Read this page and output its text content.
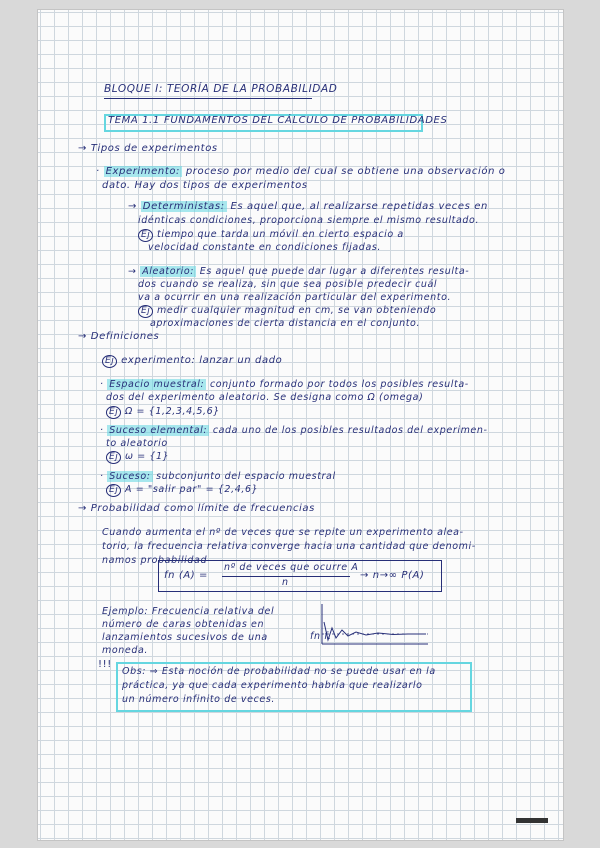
BLOQUE I: TEORÍA DE LA PROBABILIDAD
TEMA 1.1 FUNDAMENTOS DEL CÁLCULO DE PROBABILIDADES
→ Tipos de experimentos
· Experimento: proceso por medio del cual se obtiene una observación o
dato. Hay dos tipos de experimentos
→ Deterministas: Es aquel que, al realizarse repetidas veces en
idénticas condiciones, proporciona siempre el mismo resultado.
Ej tiempo que tarda un móvil en cierto espacio a
velocidad constante en condiciones fijadas.
→ Aleatorio: Es aquel que puede dar lugar a diferentes resulta-
dos cuando se realiza, sin que sea posible predecir cuál
va a ocurrir en una realización particular del experimento.
Ej medir cualquier magnitud en cm, se van obteniendo
aproximaciones de cierta distancia en el conjunto.
→ Definiciones
Ej experimento: lanzar un dado
· Espacio muestral: conjunto formado por todos los posibles resulta-
dos del experimento aleatorio. Se designa como Ω (omega)
Ej Ω = {1,2,3,4,5,6}
· Suceso elemental: cada uno de los posibles resultados del experimen-
to aleatorio
Ej ω = {1}
· Suceso: subconjunto del espacio muestral
Ej A = "salir par" = {2,4,6}
→ Probabilidad como límite de frecuencias
Cuando aumenta el nº de veces que se repite un experimento alea-
torio, la frecuencia relativa converge hacia una cantidad que denomi-
namos probabilidad
fn (A) =
nº de veces que ocurre A
n
→ n→∞ P(A)
Ejemplo: Frecuencia relativa del
número de caras obtenidas en
lanzamientos sucesivos de una
moneda.
fn f.
!!!
Obs: ⇒ Esta noción de probabilidad no se puede usar en la
práctica, ya que cada experimento habría que realizarlo
un número infinito de veces.
